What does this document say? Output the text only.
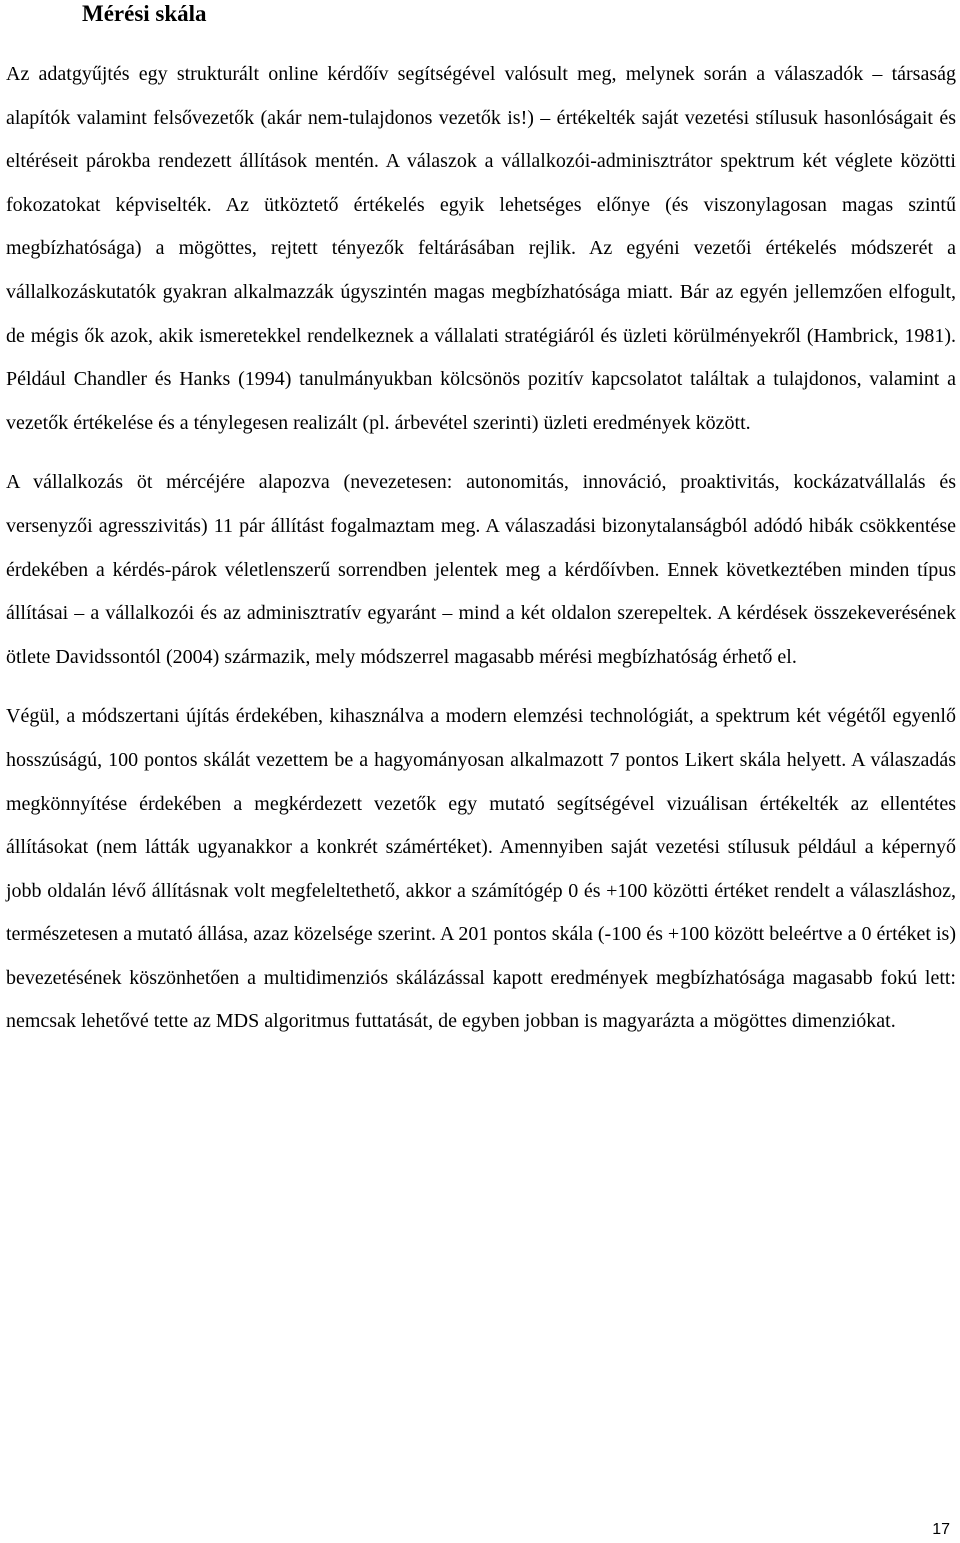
Mérési skála

Az adatgyűjtés egy strukturált online kérdőív segítségével valósult meg, melynek során a válaszadók – társaság alapítók valamint felsővezetők (akár nem-tulajdonos vezetők is!) – értékelték saját vezetési stílusuk hasonlóságait és eltéréseit párokba rendezett állítások mentén. A válaszok a vállalkozói-adminisztrátor spektrum két véglete közötti fokozatokat képviselték. Az ütköztető értékelés egyik lehetséges előnye (és viszonylagosan magas szintű megbízhatósága) a mögöttes, rejtett tényezők feltárásában rejlik. Az egyéni vezetői értékelés módszerét a vállalkozáskutatók gyakran alkalmazzák úgyszintén magas megbízhatósága miatt. Bár az egyén jellemzően elfogult, de mégis ők azok, akik ismeretekkel rendelkeznek a vállalati stratégiáról és üzleti körülményekről (Hambrick, 1981). Például Chandler és Hanks (1994) tanulmányukban kölcsönös pozitív kapcsolatot találtak a tulajdonos, valamint a vezetők értékelése és a ténylegesen realizált (pl. árbevétel szerinti) üzleti eredmények között.

A vállalkozás öt mércéjére alapozva (nevezetesen: autonomitás, innováció, proaktivitás, kockázatvállalás és versenyzői agresszivitás) 11 pár állítást fogalmaztam meg. A válaszadási bizonytalanságból adódó hibák csökkentése érdekében a kérdés-párok véletlenszerű sorrendben jelentek meg a kérdőívben. Ennek következtében minden típus állításai – a vállalkozói és az adminisztratív egyaránt – mind a két oldalon szerepeltek. A kérdések összekeverésének ötlete Davidssontól (2004) származik, mely módszerrel magasabb mérési megbízhatóság érhető el.

Végül, a módszertani újítás érdekében, kihasználva a modern elemzési technológiát, a spektrum két végétől egyenlő hosszúságú, 100 pontos skálát vezettem be a hagyományosan alkalmazott 7 pontos Likert skála helyett. A válaszadás megkönnyítése érdekében a megkérdezett vezetők egy mutató segítségével vizuálisan értékelték az ellentétes állításokat (nem látták ugyanakkor a konkrét számértéket). Amennyiben saját vezetési stílusuk például a képernyő jobb oldalán lévő állításnak volt megfeleltethető, akkor a számítógép 0 és +100 közötti értéket rendelt a válaszláshoz, természetesen a mutató állása, azaz közelsége szerint. A 201 pontos skála (-100 és +100 között beleértve a 0 értéket is) bevezetésének köszönhetően a multidimenziós skálázással kapott eredmények megbízhatósága magasabb fokú lett: nemcsak lehetővé tette az MDS algoritmus futtatását, de egyben jobban is magyarázta a mögöttes dimenziókat.

17
